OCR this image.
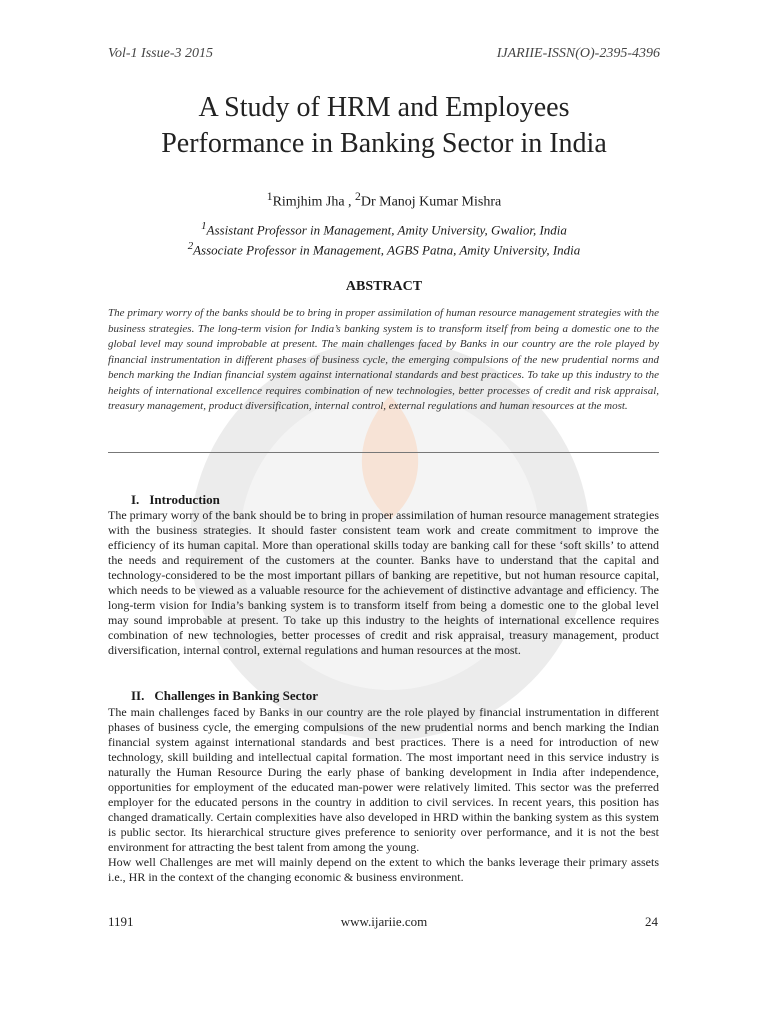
Vol-1 Issue-3 2015	IJARIIE-ISSN(O)-2395-4396
A Study of HRM and Employees
Performance in Banking Sector in India
$^1$Rimjhim Jha , $^2$Dr Manoj Kumar Mishra
$^1$Assistant Professor in Management, Amity University, Gwalior, India
$^2$Associate Professor in Management, AGBS Patna, Amity University, India
ABSTRACT

The primary worry of the banks should be to bring in proper assimilation of human resource management strategies with the business strategies. The long-term vision for India’s banking system is to transform itself from being a domestic one to the global level may sound improbable at present. The main challenges faced by Banks in our country are the role played by financial instrumentation in different phases of business cycle, the emerging compulsions of the new prudential norms and bench marking the Indian financial system against international standards and best practices. To take up this industry to the heights of international excellence requires combination of new technologies, better processes of credit and risk appraisal, treasury management, product diversification, internal control, external regulations and human resources at the most.

I. Introduction

The primary worry of the bank should be to bring in proper assimilation of human resource management strategies with the business strategies. It should faster consistent team work and create commitment to improve the efficiency of its human capital. More than operational skills today are banking call for these ‘soft skills’ to attend the needs and requirement of the customers at the counter. Banks have to understand that the capital and technology-considered to be the most important pillars of banking are repetitive, but not human resource capital, which needs to be viewed as a valuable resource for the achievement of distinctive advantage and efficiency. The long-term vision for India’s banking system is to transform itself from being a domestic one to the global level may sound improbable at present. To take up this industry to the heights of international excellence requires combination of new technologies, better processes of credit and risk appraisal, treasury management, product diversification, internal control, external regulations and human resources at the most.

II. Challenges in Banking Sector
The main challenges faced by Banks in our country are the role played by financial instrumentation in different phases of business cycle, the emerging compulsions of the new prudential norms and bench marking the Indian financial system against international standards and best practices. There is a need for introduction of new technology, skill building and intellectual capital formation. The most important need in this service industry is naturally the Human Resource During the early phase of banking development in India after independence, opportunities for employment of the educated man-power were relatively limited. This sector was the preferred employer for the educated persons in the country in addition to civil services. In recent years, this position has changed dramatically. Certain complexities have also developed in HRD within the banking system as this system is public sector. Its hierarchical structure gives preference to seniority over performance, and it is not the best environment for attracting the best talent from among the young.
How well Challenges are met will mainly depend on the extent to which the banks leverage their primary assets i.e., HR in the context of the changing economic & business environment.
1191	www.ijariie.com	24
